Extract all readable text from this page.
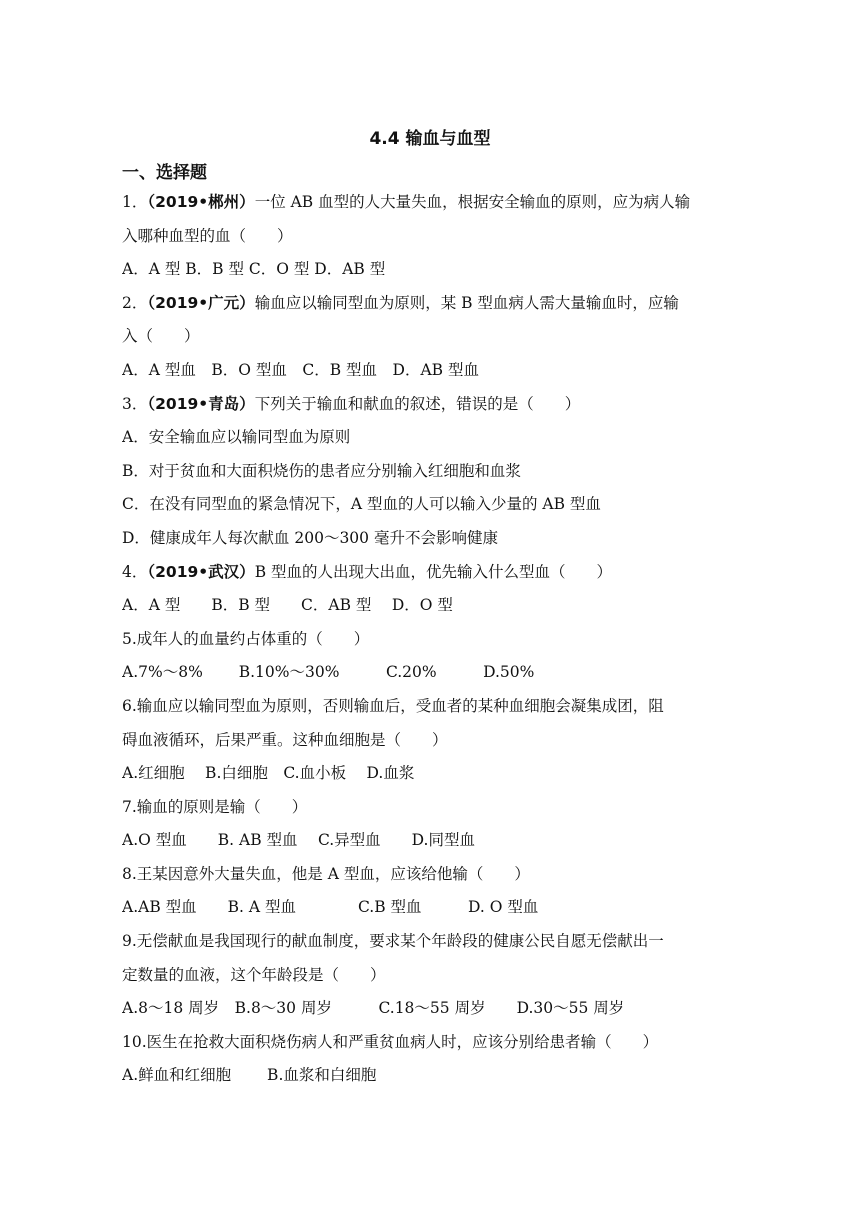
4.4 输血与血型
一、选择题
1．（2019•郴州）一位 AB 血型的人大量失血，根据安全输血的原则，应为病人输
入哪种血型的血（　　）
A．A 型 B．B 型 C．O 型 D．AB 型
2．（2019•广元）输血应以输同型血为原则，某 B 型血病人需大量输血时，应输
入（　　）
A．A 型血　B．O 型血　C．B 型血　D．AB 型血
3．（2019•青岛）下列关于输血和献血的叙述，错误的是（　　）
A．安全输血应以输同型血为原则
B．对于贫血和大面积烧伤的患者应分别输入红细胞和血浆
C．在没有同型血的紧急情况下，A 型血的人可以输入少量的 AB 型血
D．健康成年人每次献血 200～300 毫升不会影响健康
4．（2019•武汉）B 型血的人出现大出血，优先输入什么型血（　　）
A．A 型　　B．B 型　　C．AB 型　 D．O 型
5.成年人的血量约占体重的（　　）
A.7%～8%　　 B.10%～30%　　　C.20%　　　D.50%
6.输血应以输同型血为原则，否则输血后，受血者的某种血细胞会凝集成团，阻
碍血液循环，后果严重。这种血细胞是（　　）
A.红细胞　 B.白细胞　C.血小板　 D.血浆
7.输血的原则是输（　　）
A.O 型血　　B. AB 型血　 C.异型血　　D.同型血
8.王某因意外大量失血，他是 A 型血，应该给他输（　　）
A.AB 型血　　B. A 型血　　　　C.B 型血　　　D. O 型血
9.无偿献血是我国现行的献血制度，要求某个年龄段的健康公民自愿无偿献出一
定数量的血液，这个年龄段是（　　）
A.8～18 周岁　B.8～30 周岁　　　C.18～55 周岁　　D.30～55 周岁
10.医生在抢救大面积烧伤病人和严重贫血病人时，应该分别给患者输（　　）
A.鲜血和红细胞　　 B.血浆和白细胞
